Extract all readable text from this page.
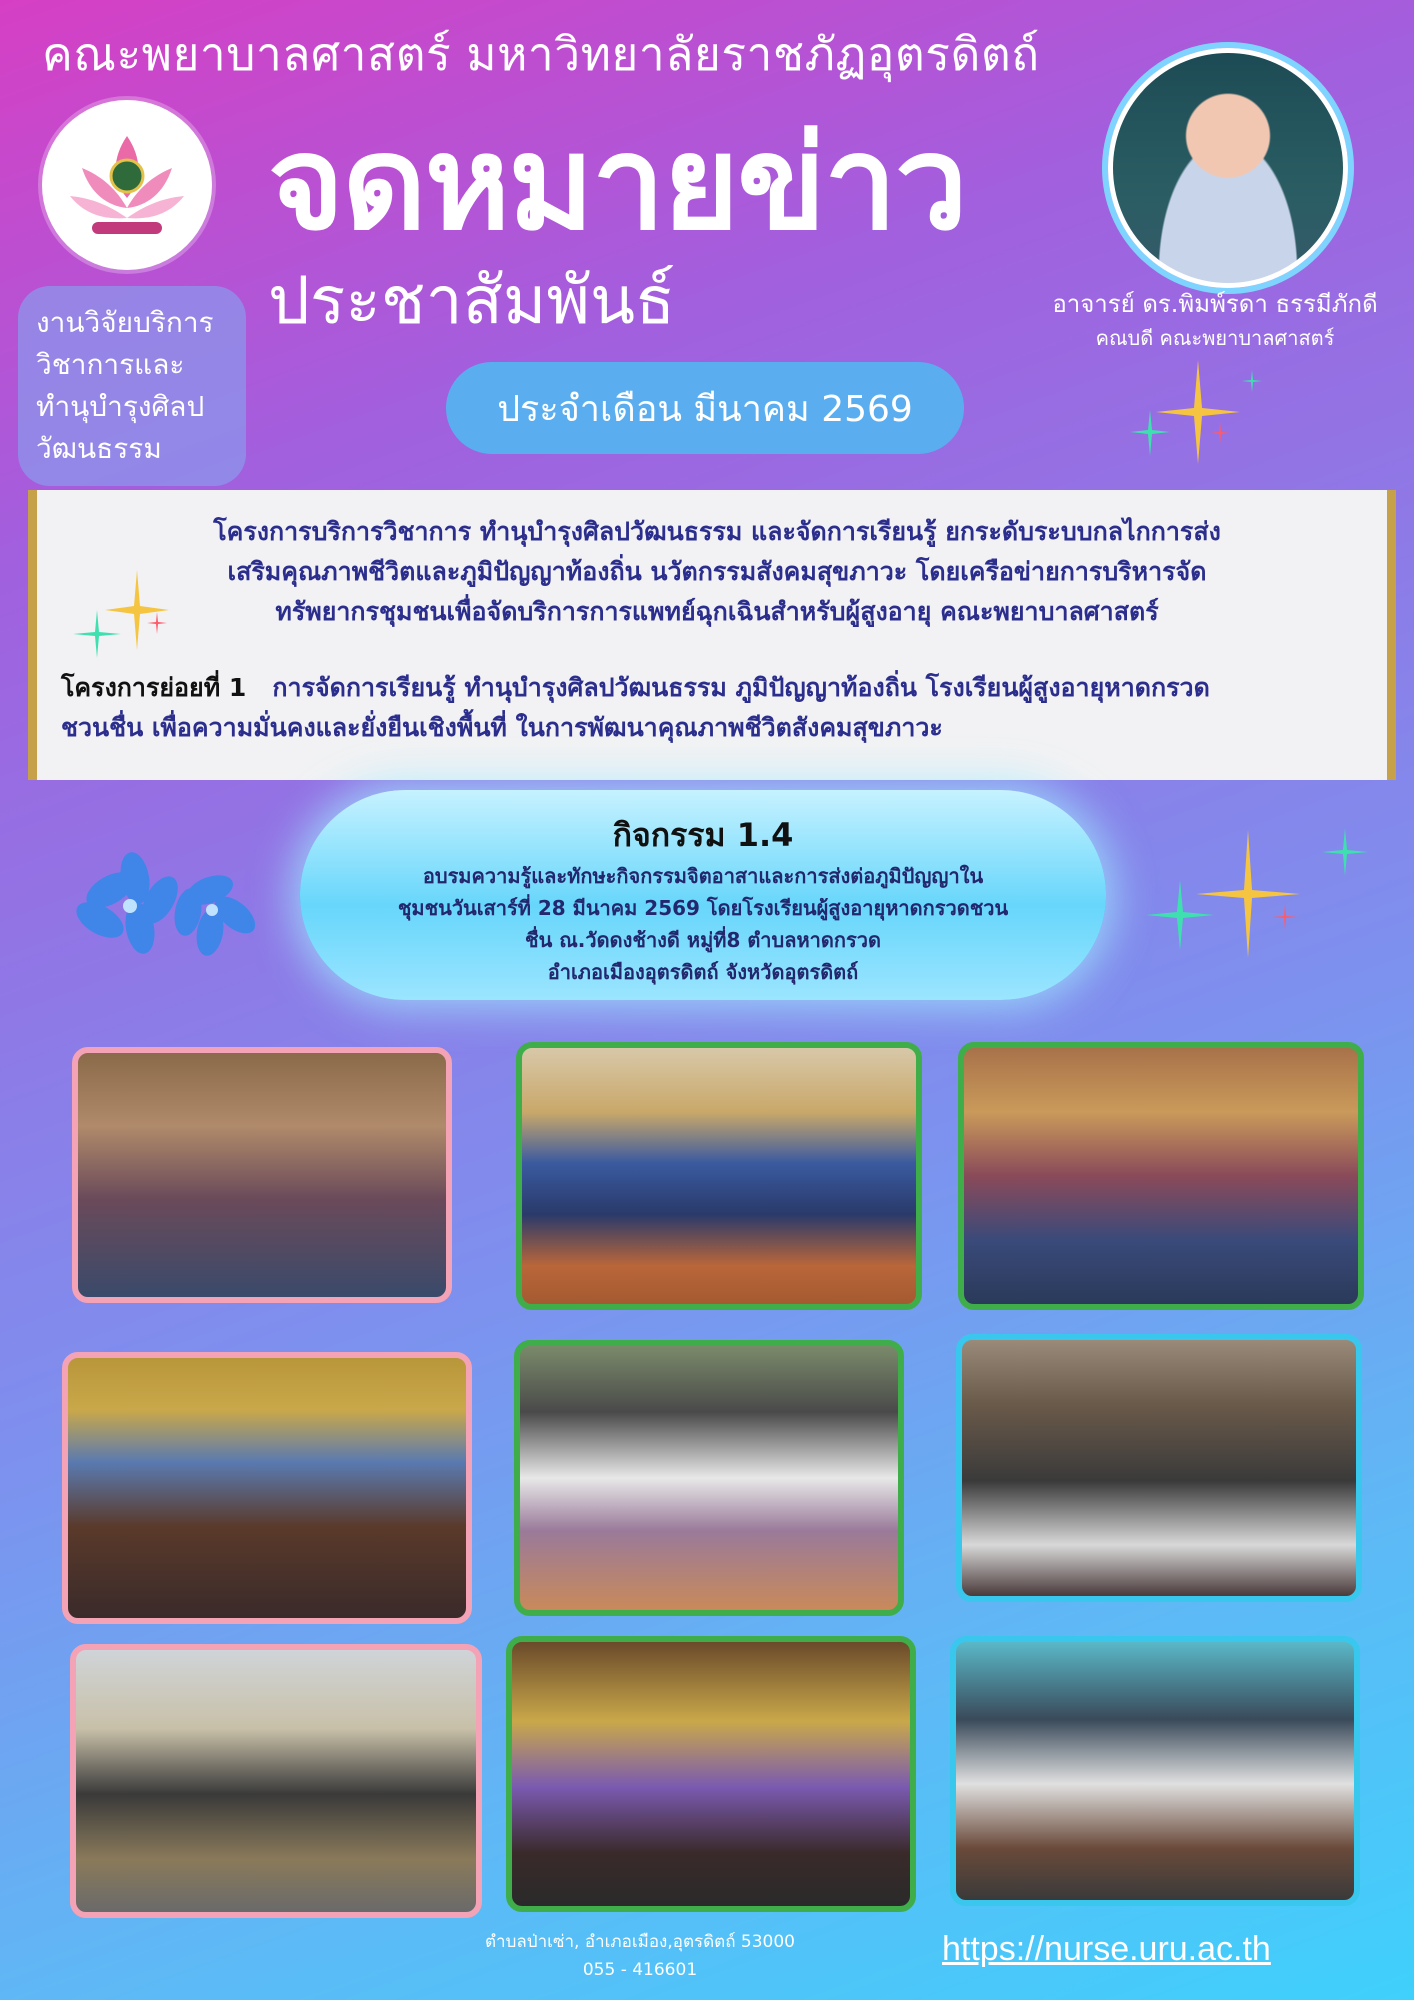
คณะพยาบาลศาสตร์ มหาวิทยาลัยราชภัฏอุตรดิตถ์
จดหมายข่าว
ประชาสัมพันธ์
งานวิจัยบริการ
วิชาการและ
ทำนุบำรุงศิลป
วัฒนธรรม
อาจารย์ ดร.พิมพ์รดา ธรรมีภักดี
คณบดี คณะพยาบาลศาสตร์
ประจำเดือน มีนาคม 2569
โครงการบริการวิชาการ ทำนุบำรุงศิลปวัฒนธรรม และจัดการเรียนรู้ ยกระดับระบบกลไกการส่ง
เสริมคุณภาพชีวิตและภูมิปัญญาท้องถิ่น นวัตกรรมสังคมสุขภาวะ โดยเครือข่ายการบริหารจัด
ทรัพยากรชุมชนเพื่อจัดบริการการแพทย์ฉุกเฉินสำหรับผู้สูงอายุ คณะพยาบาลศาสตร์
โครงการย่อยที่ 1   การจัดการเรียนรู้ ทำนุบำรุงศิลปวัฒนธรรม ภูมิปัญญาท้องถิ่น โรงเรียนผู้สูงอายุหาดกรวด
ชวนชื่น เพื่อความมั่นคงและยั่งยืนเชิงพื้นที่ ในการพัฒนาคุณภาพชีวิตสังคมสุขภาวะ
กิจกรรม 1.4
อบรมความรู้และทักษะกิจกรรมจิตอาสาและการส่งต่อภูมิปัญญาใน
ชุมชนวันเสาร์ที่ 28 มีนาคม 2569 โดยโรงเรียนผู้สูงอายุหาดกรวดชวน
ชื่น ณ.วัดดงช้างดี หมู่ที่8 ตำบลหาดกรวด
อำเภอเมืองอุตรดิตถ์ จังหวัดอุตรดิตถ์
ตำบลป่าเซ่า, อำเภอเมือง,อุตรดิตถ์ 53000
055 - 416601
https://nurse.uru.ac.th
